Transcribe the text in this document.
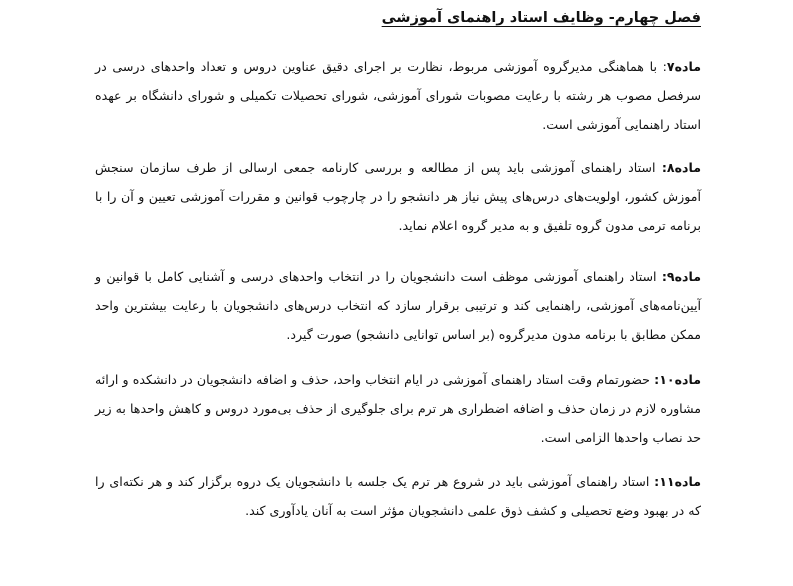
فصل چهارم- وظایف استاد راهنمای آموزشی

ماده۷: با هماهنگی مدیرگروه آموزشی مربوط، نظارت بر اجرای دقیق عناوین دروس و تعداد واحدهای درسی در سرفصل مصوب هر رشته با رعایت مصوبات شورای آموزشی، شورای تحصیلات تکمیلی و شورای دانشگاه بر عهده استاد راهنمایی آموزشی است.

ماده۸: استاد راهنمای آموزشی باید پس از مطالعه و بررسی کارنامه جمعی ارسالی از طرف سازمان سنجش آموزش کشور، اولویت‌های درس‌های پیش نیاز هر دانشجو را در چارچوب قوانین و مقررات آموزشی تعیین و آن را با برنامه ترمی مدون گروه تلفیق و به مدیر گروه اعلام نماید.

ماده۹: استاد راهنمای آموزشی موظف است دانشجویان را در انتخاب واحدهای درسی و آشنایی کامل با قوانین و آیین‌نامه‌های آموزشی، راهنمایی کند و ترتیبی برقرار سازد که انتخاب درس‌های دانشجویان با رعایت بیشترین واحد ممکن مطابق با برنامه مدون مدیرگروه (بر اساس توانایی دانشجو) صورت گیرد.

ماده۱۰: حضورتمام وقت استاد راهنمای آموزشی در ایام انتخاب واحد، حذف و اضافه دانشجویان در دانشکده و ارائه مشاوره لازم در زمان حذف و اضافه اضطراری هر ترم برای جلوگیری از حذف بی‌مورد دروس و کاهش واحدها به زیر حد نصاب واحدها الزامی است.

ماده۱۱: استاد راهنمای آموزشی باید در شروع هر ترم یک جلسه با دانشجویان یک دروه برگزار کند و هر نکته‌ای را که در بهبود وضع تحصیلی و کشف ذوق علمی دانشجویان مؤثر است به آنان یادآوری کند.
